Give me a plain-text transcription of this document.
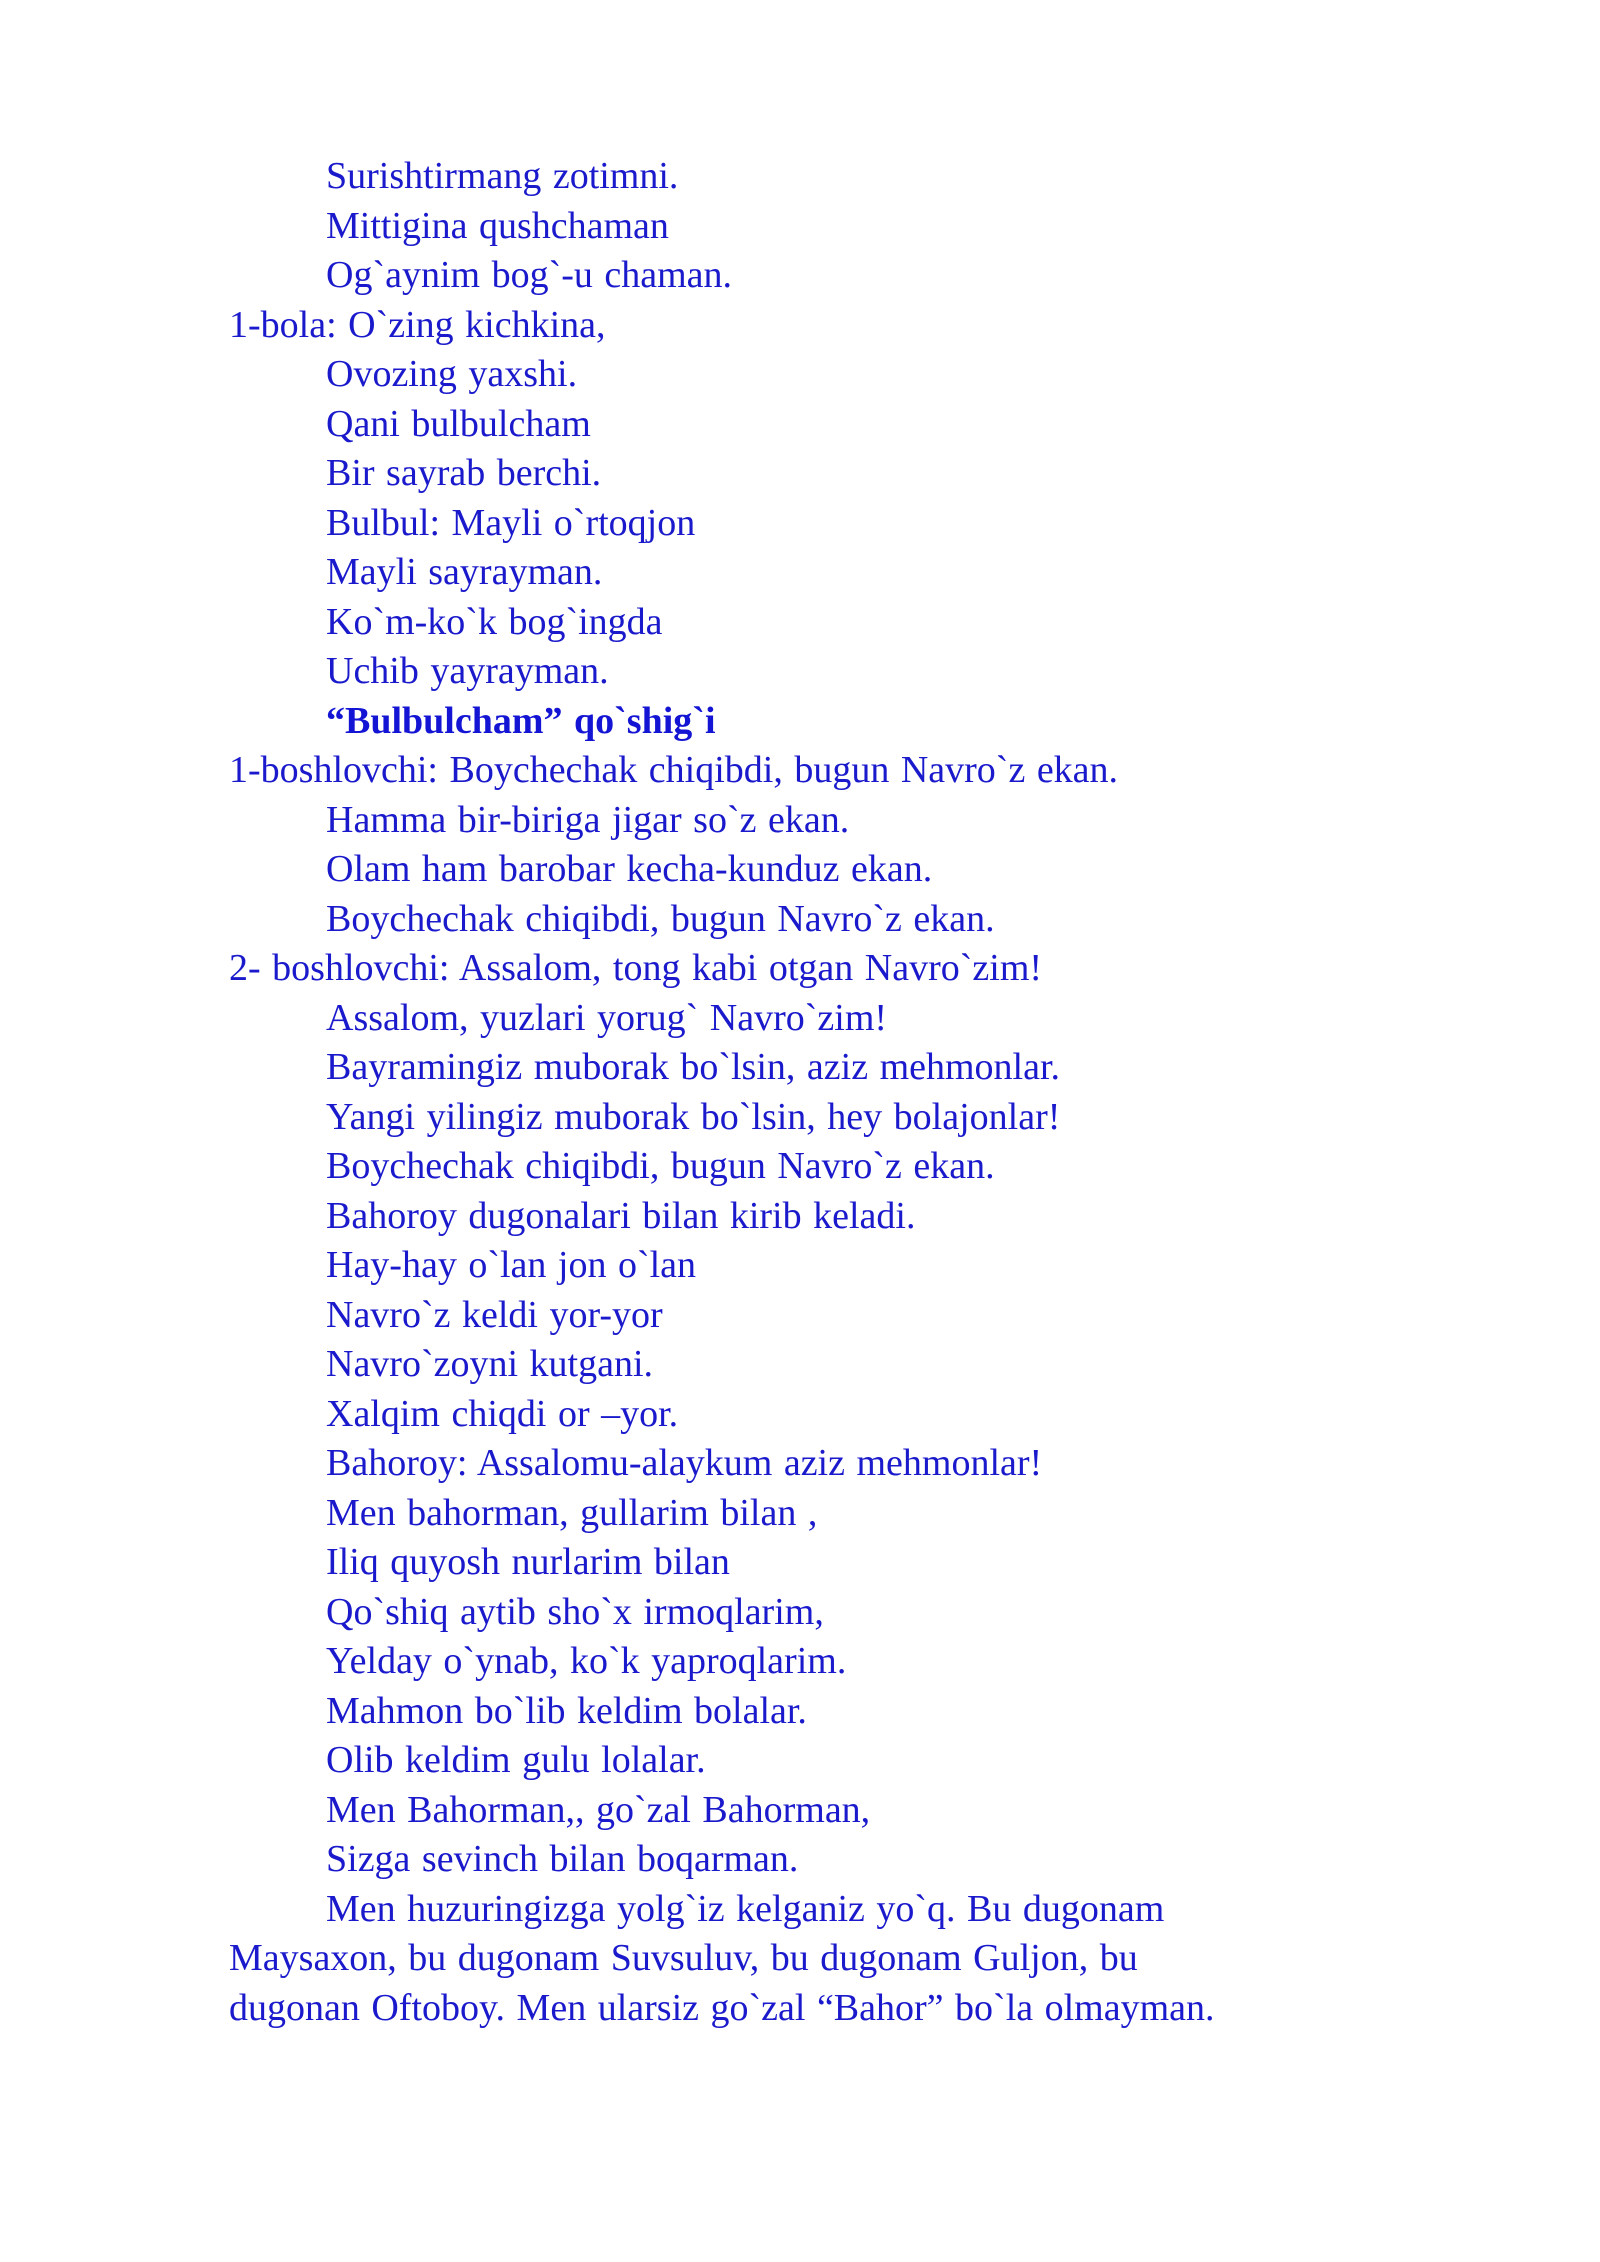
Surishtirmang zotimni.
Mittigina qushchaman
Og`aynim bog`-u chaman.
1-bola: O`zing kichkina,
Ovozing yaxshi.
Qani bulbulcham
Bir sayrab berchi.
Bulbul: Mayli o`rtoqjon
Mayli sayrayman.
Ko`m-ko`k bog`ingda
Uchib yayrayman.
“Bulbulcham” qo`shig`i
1-boshlovchi: Boychechak chiqibdi, bugun Navro`z ekan.
Hamma bir-biriga jigar so`z ekan.
Olam ham barobar kecha-kunduz ekan.
Boychechak chiqibdi, bugun Navro`z ekan.
2- boshlovchi: Assalom, tong kabi otgan Navro`zim!
Assalom, yuzlari yorug` Navro`zim!
Bayramingiz muborak bo`lsin, aziz mehmonlar.
Yangi yilingiz muborak bo`lsin, hey bolajonlar!
Boychechak chiqibdi, bugun Navro`z ekan.
Bahoroy dugonalari bilan kirib keladi.
Hay-hay o`lan jon o`lan
Navro`z keldi yor-yor
Navro`zoyni kutgani.
Xalqim chiqdi or –yor.
Bahoroy: Assalomu-alaykum aziz mehmonlar!
Men bahorman, gullarim bilan ,
Iliq quyosh nurlarim bilan
Qo`shiq aytib sho`x irmoqlarim,
Yelday o`ynab, ko`k yaproqlarim.
Mahmon bo`lib keldim bolalar.
Olib keldim gulu lolalar.
Men Bahorman,, go`zal Bahorman,
Sizga sevinch bilan boqarman.
Men huzuringizga yolg`iz kelganiz yo`q. Bu dugonam
Maysaxon, bu dugonam Suvsuluv, bu dugonam Guljon, bu
dugonan Oftoboy. Men ularsiz go`zal “Bahor” bo`la olmayman.
